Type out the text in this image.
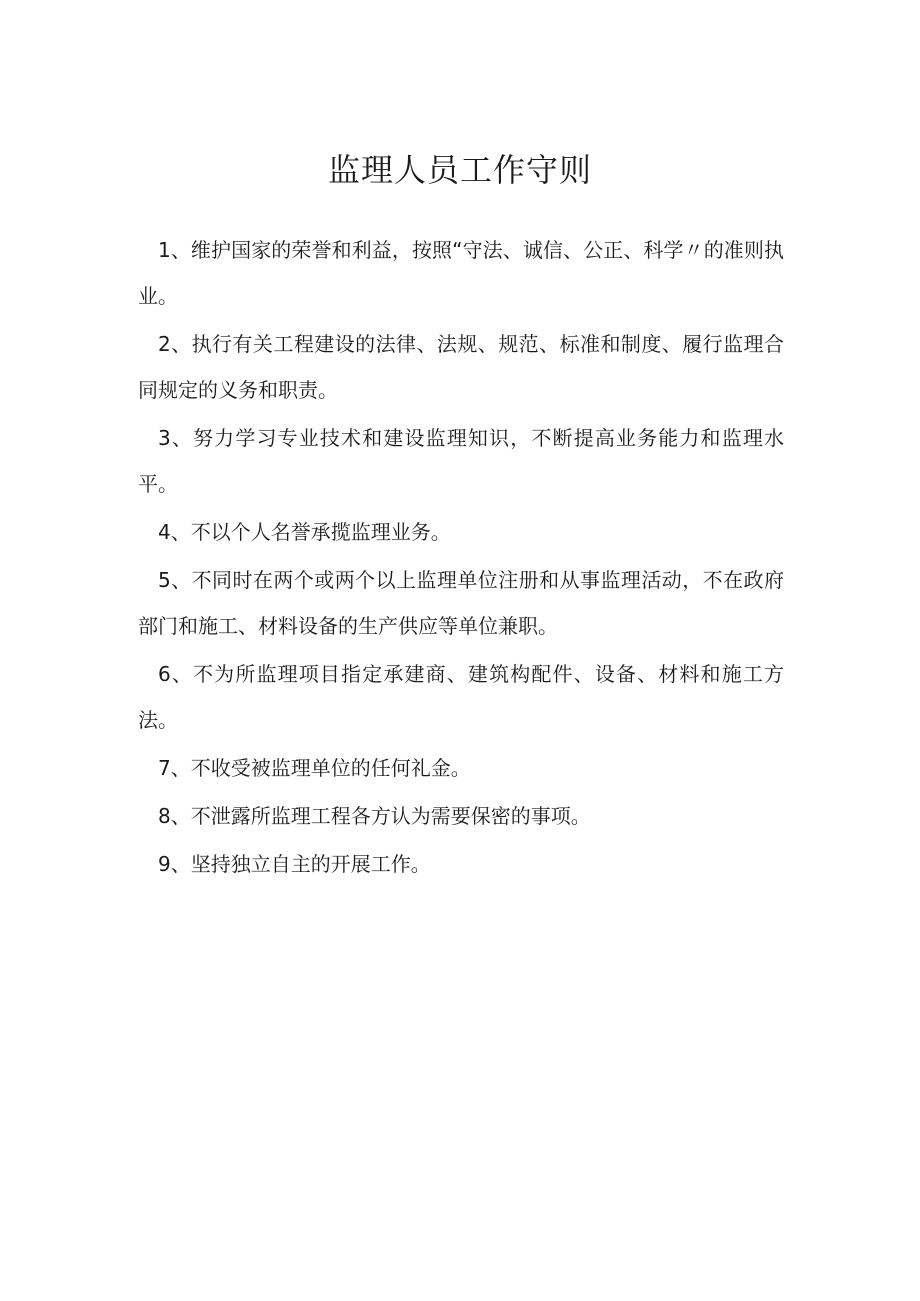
监理人员工作守则
1、维护国家的荣誉和利益，按照“守法、诚信、公正、科学〃的准则执业。
2、执行有关工程建设的法律、法规、规范、标准和制度、履行监理合同规定的义务和职责。
3、努力学习专业技术和建设监理知识，不断提高业务能力和监理水平。
4、不以个人名誉承揽监理业务。
5、不同时在两个或两个以上监理单位注册和从事监理活动，不在政府部门和施工、材料设备的生产供应等单位兼职。
6、不为所监理项目指定承建商、建筑构配件、设备、材料和施工方法。
7、不收受被监理单位的任何礼金。
8、不泄露所监理工程各方认为需要保密的事项。
9、坚持独立自主的开展工作。
